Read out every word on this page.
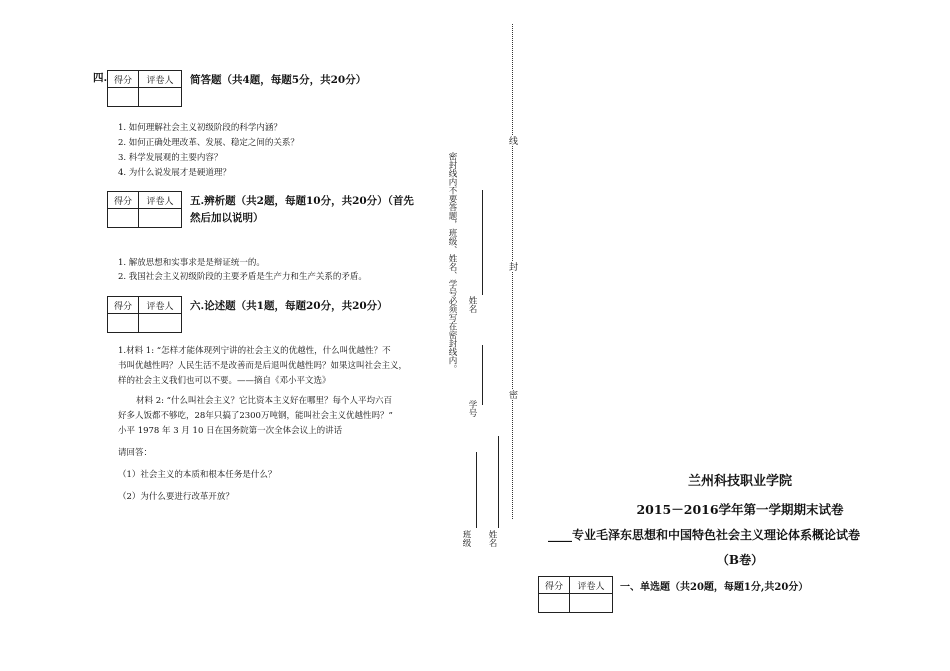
四. 得分	评卷人
	简答题（共4题，每题5分，共20分）
1. 如何理解社会主义初级阶段的科学内涵？
2. 如何正确处理改革、发展、稳定之间的关系？
3. 科学发展观的主要内容？
4. 为什么说发展才是硬道理？
得分	评卷人
	五.辨析题（共2题，每题10分，共20分）（首先
然后加以说明）
1. 解放思想和实事求是是辩证统一的。
2. 我国社会主义初级阶段的主要矛盾是生产力和生产关系的矛盾。
得分	评卷人
	六.论述题（共1题，每题20分，共20分）
1.材料 1: “怎样才能体现列宁讲的社会主义的优越性，什么叫优越性？不
书叫优越性吗？人民生活不是改善而是后退叫优越性吗？如果这叫社会主义，
样的社会主义我们也可以不要。——摘自《邓小平文选》
材料 2: “什么叫社会主义？它比资本主义好在哪里？每个人平均六百
好多人饭都不够吃，28年只搞了2300万吨钢，能叫社会主义优越性吗？”
小平 1978 年 3 月 10 日在国务院第一次全体会议上的讲话
请回答：
（1）社会主义的本质和根本任务是什么？
（2）为什么要进行改革开放？
线
封
密
密封线内不要答题，班级、姓名、学号必须写在密封线内。 姓名
学号
班级 姓名
兰州科技职业学院
2015－2016学年第一学期期末试卷
____专业毛泽东思想和中国特色社会主义理论体系概论试卷
（B卷）
得分	评卷人
	一、单选题（共20题，每题1分,共20分）
